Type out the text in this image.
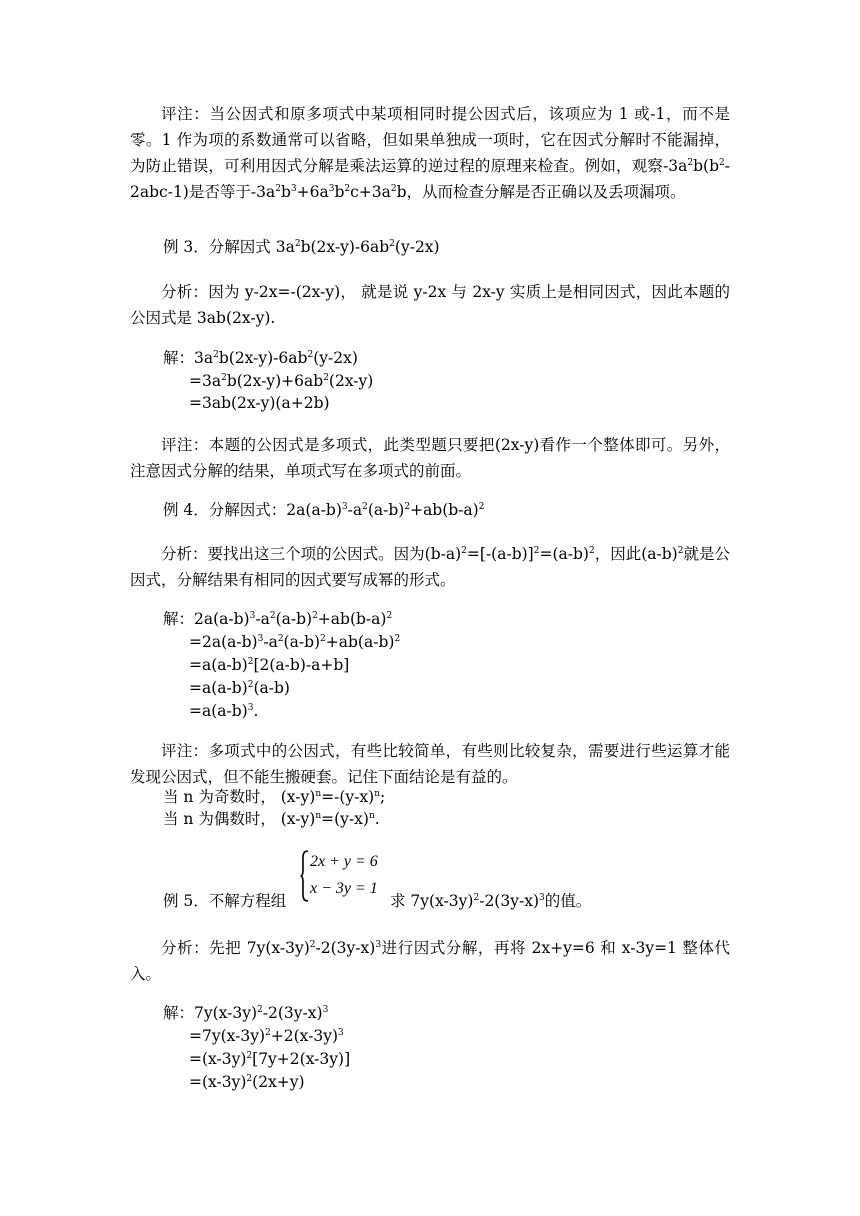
评注：当公因式和原多项式中某项相同时提公因式后，该项应为 1 或-1，而不是零。1 作为项的系数通常可以省略，但如果单独成一项时，它在因式分解时不能漏掉，为防止错误，可利用因式分解是乘法运算的逆过程的原理来检查。例如，观察$-3a^2b(b^2-2abc-1)$是否等于$-3a^2b^3+6a^3b^2c+3a^2b$，从而检查分解是否正确以及丢项漏项。

例 3．分解因式 $3a^2b(2x-y)-6ab^2(y-2x)$

分析：因为 y-2x=-(2x-y)， 就是说 y-2x 与 2x-y 实质上是相同因式，因此本题的公因式是 3ab(2x-y).

解：$3a^2b(2x-y)-6ab^2(y-2x)$

$=3a^2b(2x-y)+6ab^2(2x-y)$

=3ab(2x-y)(a+2b)

评注：本题的公因式是多项式，此类型题只要把(2x-y)看作一个整体即可。另外，注意因式分解的结果，单项式写在多项式的前面。

例 4．分解因式：$2a(a-b)^3-a^2(a-b)^2+ab(b-a)^2$

分析：要找出这三个项的公因式。因为$(b-a)^2=[-(a-b)]^2=(a-b)^2$，因此$(a-b)^2$就是公因式，分解结果有相同的因式要写成幂的形式。

解：$2a(a-b)^3-a^2(a-b)^2+ab(b-a)^2$

$=2a(a-b)^3-a^2(a-b)^2+ab(a-b)^2$

$=a(a-b)^2[2(a-b)-a+b]$

$=a(a-b)^2(a-b)$

$=a(a-b)^3$.

评注：多项式中的公因式，有些比较简单，有些则比较复杂，需要进行些运算才能发现公因式，但不能生搬硬套。记住下面结论是有益的。

当 n 为奇数时， $(x-y)^n=-(y-x)^n$;

当 n 为偶数时， $(x-y)^n=(y-x)^n$.

例 5．不解方程组

2x + y = 6
x − 3y = 1

求 $7y(x-3y)^2-2(3y-x)^3$的值。

分析：先把 $7y(x-3y)^2-2(3y-x)^3$进行因式分解，再将 2x+y=6 和 x-3y=1 整体代入。

解：$7y(x-3y)^2-2(3y-x)^3$

$=7y(x-3y)^2+2(x-3y)^3$

$=(x-3y)^2[7y+2(x-3y)]$

$=(x-3y)^2(2x+y)$
